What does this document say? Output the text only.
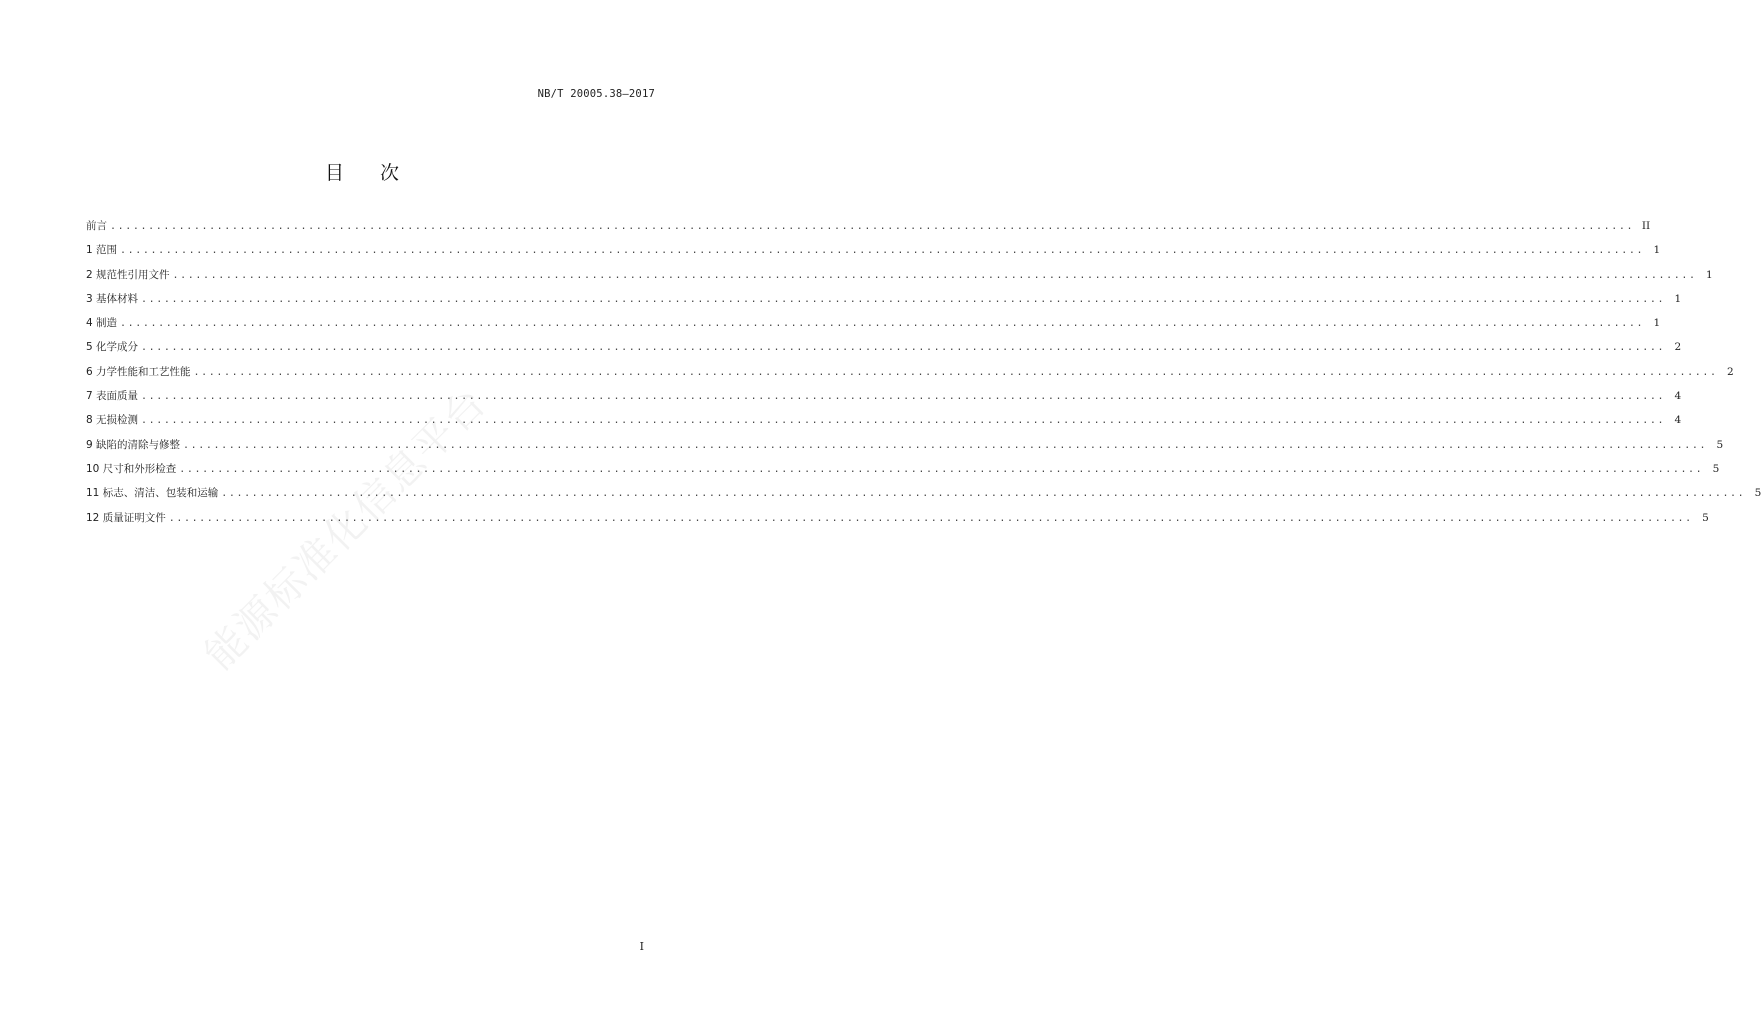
NB/T 20005.38—2017
目 次
前言 ........................................................................................................................................................................................................ II
1 范围 ........................................................................................................................................................................................................ 1
2 规范性引用文件 ........................................................................................................................................................................................................ 1
3 基体材料 ........................................................................................................................................................................................................ 1
4 制造 ........................................................................................................................................................................................................ 1
5 化学成分 ........................................................................................................................................................................................................ 2
6 力学性能和工艺性能 ........................................................................................................................................................................................................ 2
7 表面质量 ........................................................................................................................................................................................................ 4
8 无损检测 ........................................................................................................................................................................................................ 4
9 缺陷的清除与修整 ........................................................................................................................................................................................................ 5
10 尺寸和外形检查 ........................................................................................................................................................................................................ 5
11 标志、清洁、包装和运输 ........................................................................................................................................................................................................ 5
12 质量证明文件 ........................................................................................................................................................................................................ 5
能源标准化信息平台
I
